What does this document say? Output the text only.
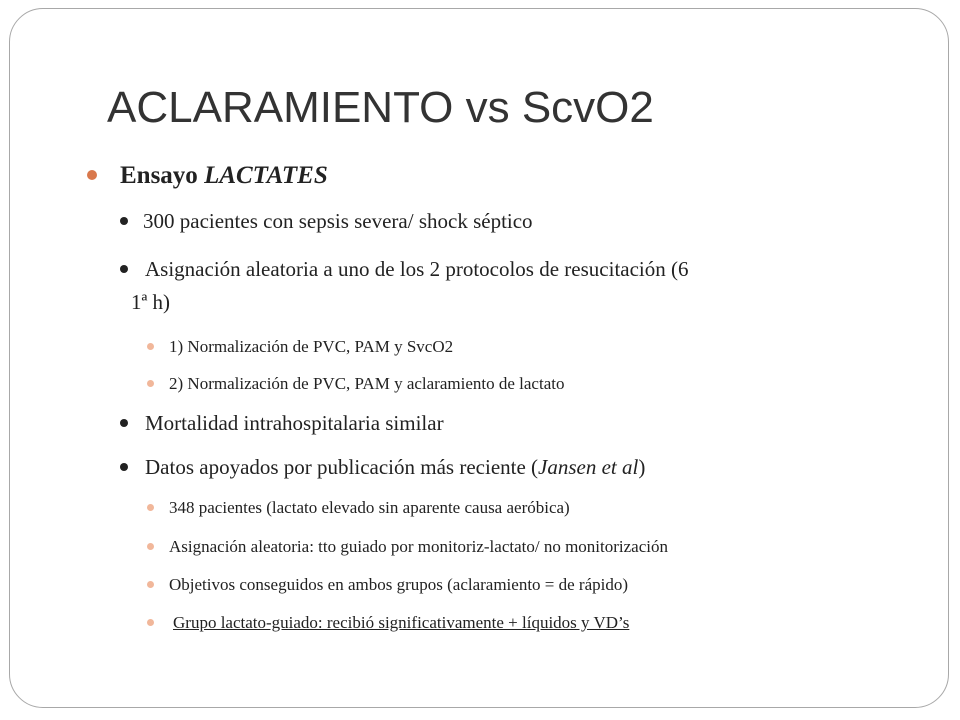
ACLARAMIENTO vs ScvO2
Ensayo LACTATES
300 pacientes con sepsis severa/ shock séptico
Asignación aleatoria a uno de los 2 protocolos de resucitación (6
1ª h)
1) Normalización de PVC, PAM y SvcO2
2) Normalización de PVC, PAM y aclaramiento de lactato
Mortalidad intrahospitalaria similar
Datos apoyados por publicación más reciente (Jansen et al)
348 pacientes (lactato elevado sin aparente causa aeróbica)
Asignación aleatoria: tto guiado por monitoriz-lactato/ no monitorización
Objetivos conseguidos en ambos grupos (aclaramiento = de rápido)
Grupo lactato-guiado: recibió significativamente + líquidos y VD’s
